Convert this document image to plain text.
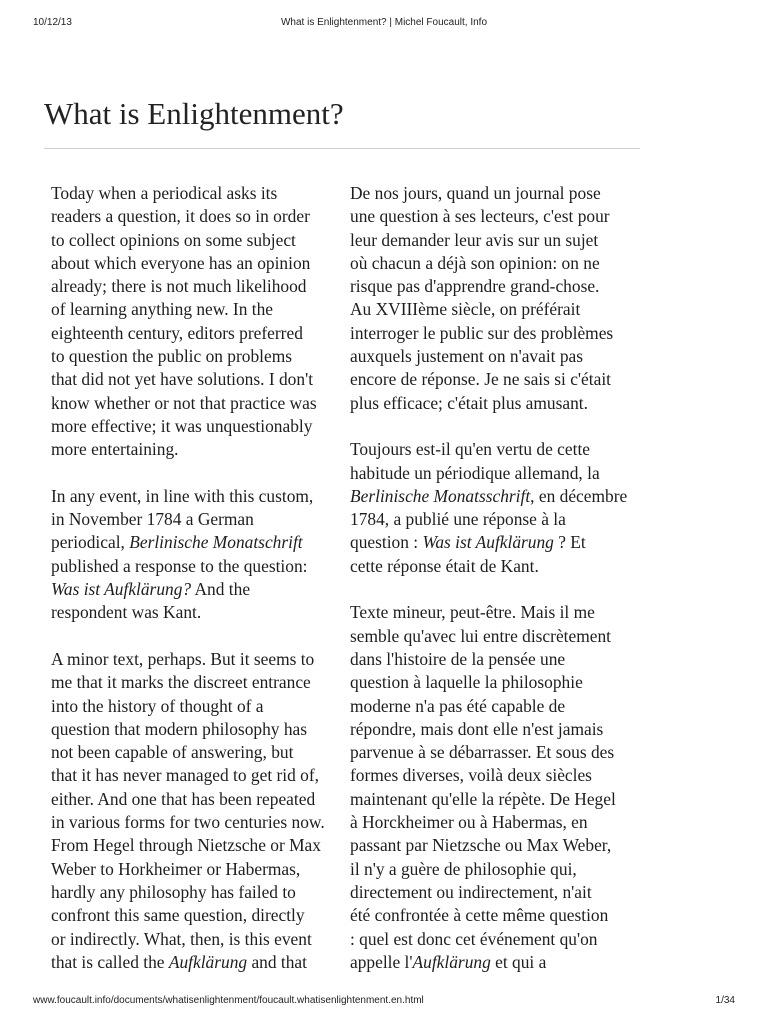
10/12/13	What is Enlightenment? | Michel Foucault, Info
What is Enlightenment?

Today when a periodical asks its
readers a question, it does so in order
to collect opinions on some subject
about which everyone has an opinion
already; there is not much likelihood
of learning anything new. In the
eighteenth century, editors preferred
to question the public on problems
that did not yet have solutions. I don't
know whether or not that practice was
more effective; it was unquestionably
more entertaining.

In any event, in line with this custom,
in November 1784 a German
periodical, Berlinische Monatschrift
published a response to the question:
Was ist Aufklärung? And the
respondent was Kant.

A minor text, perhaps. But it seems to
me that it marks the discreet entrance
into the history of thought of a
question that modern philosophy has
not been capable of answering, but
that it has never managed to get rid of,
either. And one that has been repeated
in various forms for two centuries now.
From Hegel through Nietzsche or Max
Weber to Horkheimer or Habermas,
hardly any philosophy has failed to
confront this same question, directly
or indirectly. What, then, is this event
that is called the Aufklärung and that

De nos jours, quand un journal pose
une question à ses lecteurs, c'est pour
leur demander leur avis sur un sujet
où chacun a déjà son opinion: on ne
risque pas d'apprendre grand-chose.
Au XVIIIème siècle, on préférait
interroger le public sur des problèmes
auxquels justement on n'avait pas
encore de réponse. Je ne sais si c'était
plus efficace; c'était plus amusant.

Toujours est-il qu'en vertu de cette
habitude un périodique allemand, la
Berlinische Monatsschrift, en décembre
1784, a publié une réponse à la
question : Was ist Aufklärung ? Et
cette réponse était de Kant.

Texte mineur, peut-être. Mais il me
semble qu'avec lui entre discrètement
dans l'histoire de la pensée une
question à laquelle la philosophie
moderne n'a pas été capable de
répondre, mais dont elle n'est jamais
parvenue à se débarrasser. Et sous des
formes diverses, voilà deux siècles
maintenant qu'elle la répète. De Hegel
à Horckheimer ou à Habermas, en
passant par Nietzsche ou Max Weber,
il n'y a guère de philosophie qui,
directement ou indirectement, n'ait
été confrontée à cette même question
: quel est donc cet événement qu'on
appelle l'Aufklärung et qui a

www.foucault.info/documents/whatisenlightenment/foucault.whatisenlightenment.en.html	1/34
